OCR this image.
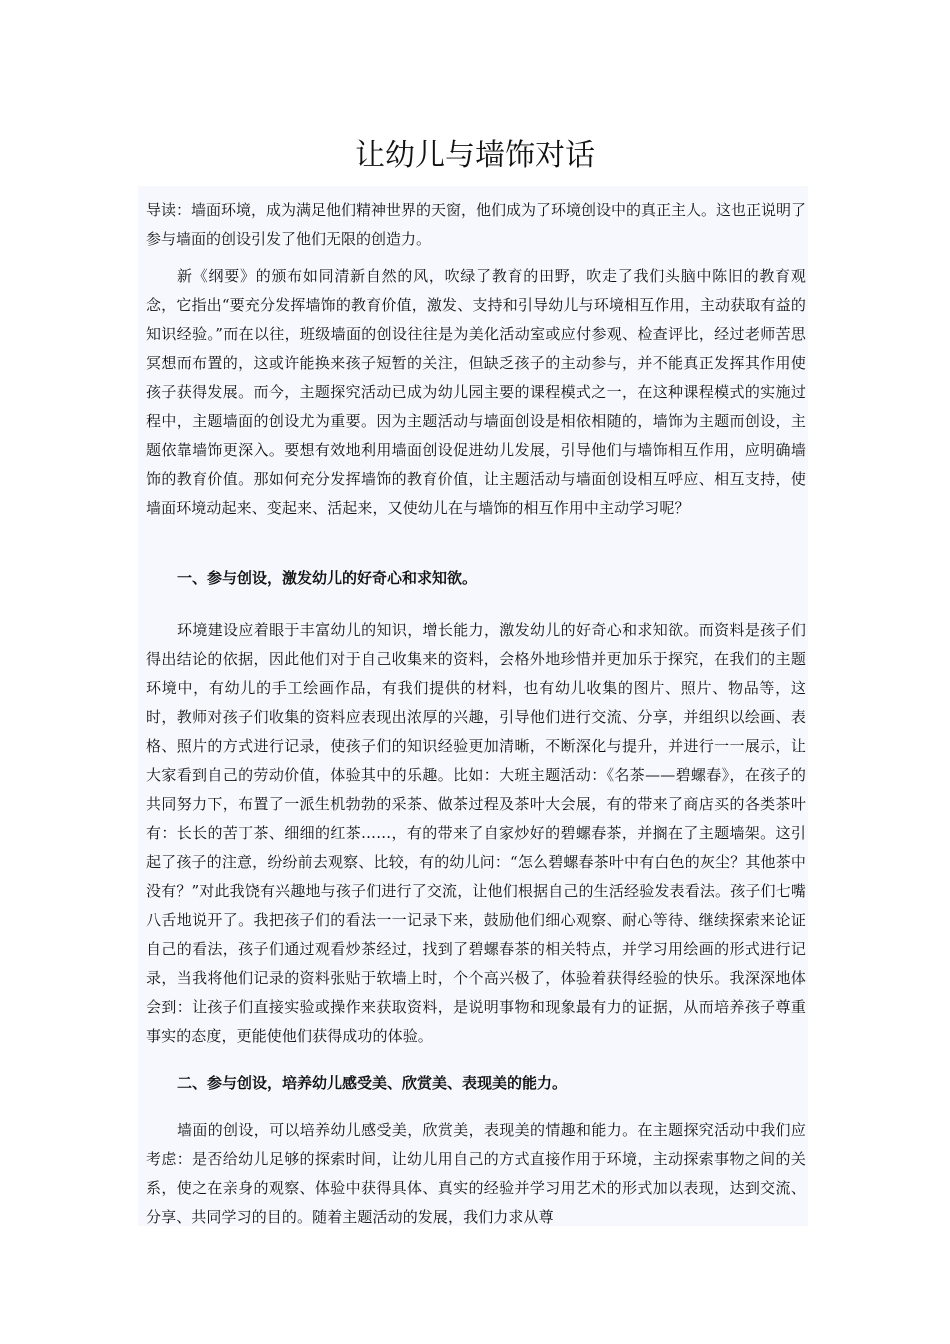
让幼儿与墙饰对话

导读：墙面环境，成为满足他们精神世界的天窗，他们成为了环境创设中的真正主人。这也正说明了参与墙面的创设引发了他们无限的创造力。

新《纲要》的颁布如同清新自然的风，吹绿了教育的田野，吹走了我们头脑中陈旧的教育观念，它指出“要充分发挥墙饰的教育价值，激发、支持和引导幼儿与环境相互作用，主动获取有益的知识经验。”而在以往，班级墙面的创设往往是为美化活动室或应付参观、检查评比，经过老师苦思冥想而布置的，这或许能换来孩子短暂的关注，但缺乏孩子的主动参与，并不能真正发挥其作用使孩子获得发展。而今，主题探究活动已成为幼儿园主要的课程模式之一，在这种课程模式的实施过程中，主题墙面的创设尤为重要。因为主题活动与墙面创设是相依相随的，墙饰为主题而创设，主题依靠墙饰更深入。要想有效地利用墙面创设促进幼儿发展，引导他们与墙饰相互作用，应明确墙饰的教育价值。那如何充分发挥墙饰的教育价值，让主题活动与墙面创设相互呼应、相互支持，使墙面环境动起来、变起来、活起来，又使幼儿在与墙饰的相互作用中主动学习呢？

一、参与创设，激发幼儿的好奇心和求知欲。

环境建设应着眼于丰富幼儿的知识，增长能力，激发幼儿的好奇心和求知欲。而资料是孩子们得出结论的依据，因此他们对于自己收集来的资料，会格外地珍惜并更加乐于探究，在我们的主题环境中，有幼儿的手工绘画作品，有我们提供的材料，也有幼儿收集的图片、照片、物品等，这时，教师对孩子们收集的资料应表现出浓厚的兴趣，引导他们进行交流、分享，并组织以绘画、表格、照片的方式进行记录，使孩子们的知识经验更加清晰，不断深化与提升，并进行一一展示，让大家看到自己的劳动价值，体验其中的乐趣。比如：大班主题活动：《名茶——碧螺春》，在孩子的共同努力下，布置了一派生机勃勃的采茶、做茶过程及茶叶大会展，有的带来了商店买的各类茶叶有：长长的苦丁茶、细细的红茶……，有的带来了自家炒好的碧螺春茶，并搁在了主题墙架。这引起了孩子的注意，纷纷前去观察、比较，有的幼儿问：“怎么碧螺春茶叶中有白色的灰尘？其他茶中没有？”对此我饶有兴趣地与孩子们进行了交流，让他们根据自己的生活经验发表看法。孩子们七嘴八舌地说开了。我把孩子们的看法一一记录下来，鼓励他们细心观察、耐心等待、继续探索来论证自己的看法，孩子们通过观看炒茶经过，找到了碧螺春茶的相关特点，并学习用绘画的形式进行记录，当我将他们记录的资料张贴于软墙上时，个个高兴极了，体验着获得经验的快乐。我深深地体会到：让孩子们直接实验或操作来获取资料，是说明事物和现象最有力的证据，从而培养孩子尊重事实的态度，更能使他们获得成功的体验。

二、参与创设，培养幼儿感受美、欣赏美、表现美的能力。

墙面的创设，可以培养幼儿感受美，欣赏美，表现美的情趣和能力。在主题探究活动中我们应考虑：是否给幼儿足够的探索时间，让幼儿用自己的方式直接作用于环境，主动探索事物之间的关系，使之在亲身的观察、体验中获得具体、真实的经验并学习用艺术的形式加以表现，达到交流、分享、共同学习的目的。随着主题活动的发展，我们力求从尊
